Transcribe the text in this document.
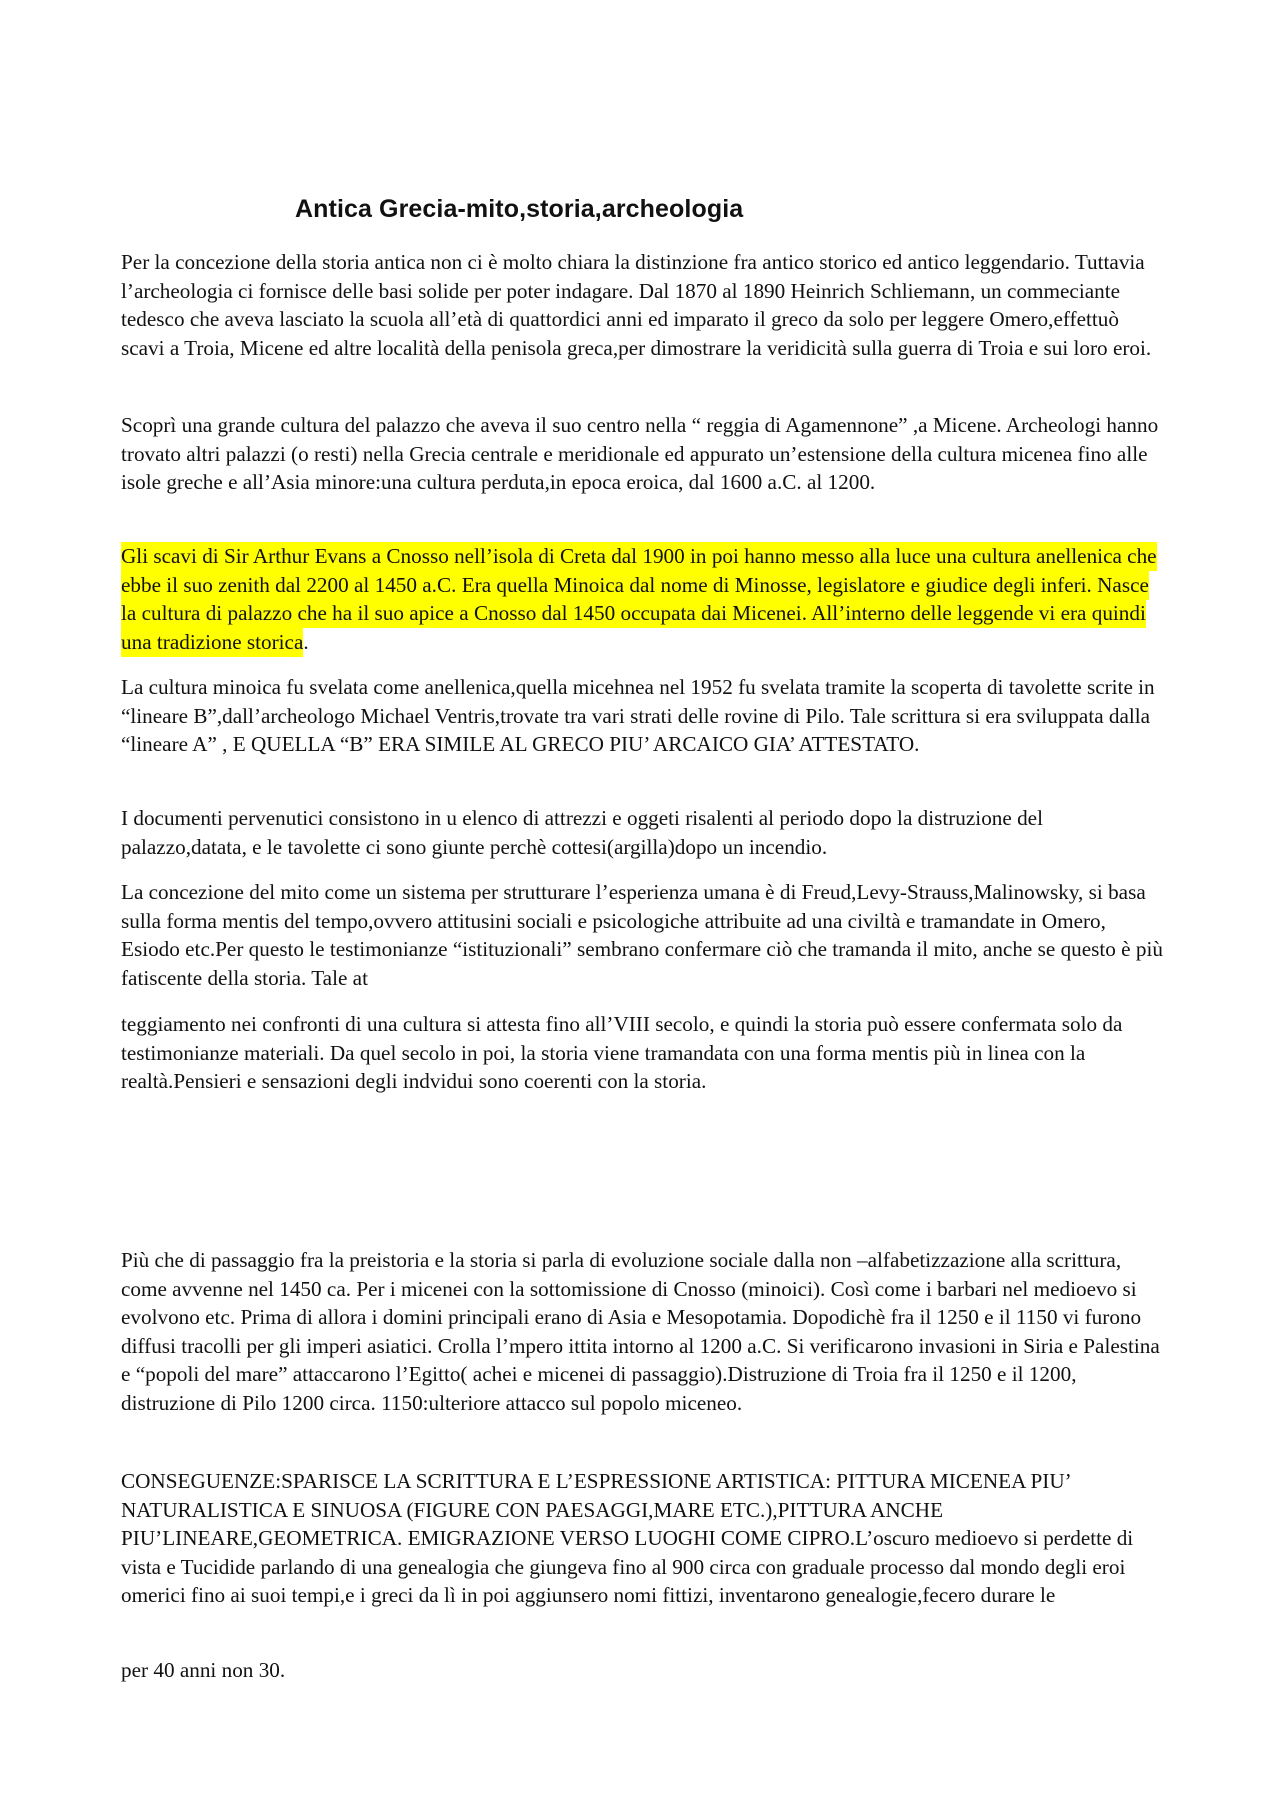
Antica Grecia-mito,storia,archeologia

Per la concezione della storia antica non ci è molto chiara la distinzione fra antico storico ed antico leggendario. Tuttavia l’archeologia ci fornisce delle basi solide per poter indagare. Dal 1870 al 1890 Heinrich Schliemann, un commeciante tedesco che aveva lasciato la scuola all’età di quattordici anni ed imparato il greco da solo per leggere Omero,effettuò scavi a Troia, Micene ed altre località della penisola greca,per dimostrare la veridicità sulla guerra di Troia e sui loro eroi.

Scoprì una grande cultura del palazzo che aveva il suo centro nella “ reggia di Agamennone” ,a Micene. Archeologi hanno trovato altri palazzi (o resti) nella Grecia centrale e meridionale ed appurato un’estensione della cultura micenea fino alle isole greche e all’Asia minore:una cultura perduta,in epoca eroica, dal 1600 a.C. al 1200.

Gli scavi di Sir Arthur Evans a Cnosso nell’isola di Creta dal 1900 in poi hanno messo alla luce una cultura anellenica che ebbe il suo zenith dal 2200 al 1450 a.C. Era quella Minoica dal nome di Minosse, legislatore e giudice degli inferi. Nasce la cultura di palazzo che ha il suo apice a Cnosso dal 1450 occupata dai Micenei. All’interno delle leggende vi era quindi una tradizione storica.

La cultura minoica fu svelata come anellenica,quella micehnea nel 1952 fu svelata tramite la scoperta di tavolette scrite in “lineare B”,dall’archeologo Michael Ventris,trovate tra vari strati delle rovine di Pilo. Tale scrittura si era sviluppata dalla “lineare A” , E QUELLA “B” ERA SIMILE AL GRECO PIU’ ARCAICO GIA’ ATTESTATO.

I documenti pervenutici consistono in u elenco di attrezzi e oggeti risalenti al periodo dopo la distruzione del palazzo,datata, e le tavolette ci sono giunte perchè cottesi(argilla)dopo un incendio.

La concezione del mito come un sistema per strutturare l’esperienza umana è di Freud,Levy-Strauss,Malinowsky, si basa sulla forma mentis del tempo,ovvero attitusini sociali e psicologiche attribuite ad una civiltà e tramandate in Omero, Esiodo etc.Per questo le testimonianze “istituzionali” sembrano confermare ciò che tramanda il mito, anche se questo è più fatiscente della storia. Tale at

teggiamento nei confronti di una cultura si attesta fino all’VIII secolo, e quindi la storia può essere confermata solo da testimonianze materiali. Da quel secolo in poi, la storia viene tramandata con una forma mentis più in linea con la realtà.Pensieri e sensazioni degli indvidui sono coerenti con la storia.

Più che di passaggio fra la preistoria e la storia si parla di evoluzione sociale dalla non –alfabetizzazione alla scrittura, come avvenne nel 1450 ca. Per i micenei con la sottomissione di Cnosso (minoici). Così come i barbari nel medioevo si evolvono etc. Prima di allora i domini principali erano di Asia e Mesopotamia. Dopodichè fra il 1250 e il 1150 vi furono diffusi tracolli per gli imperi asiatici. Crolla l’mpero ittita intorno al 1200 a.C. Si verificarono invasioni in Siria e Palestina e “popoli del mare” attaccarono l’Egitto( achei e micenei di passaggio).Distruzione di Troia fra il 1250 e il 1200, distruzione di Pilo 1200 circa. 1150:ulteriore attacco sul popolo miceneo.

CONSEGUENZE:SPARISCE LA SCRITTURA E L’ESPRESSIONE ARTISTICA: PITTURA MICENEA PIU’ NATURALISTICA E SINUOSA (FIGURE CON PAESAGGI,MARE ETC.),PITTURA ANCHE PIU’LINEARE,GEOMETRICA. EMIGRAZIONE VERSO LUOGHI COME CIPRO.L’oscuro medioevo si perdette di vista e Tucidide parlando di una genealogia che giungeva fino al 900 circa con graduale processo dal mondo degli eroi omerici fino ai suoi tempi,e i greci da lì in poi aggiunsero nomi fittizi, inventarono genealogie,fecero durare le

per 40 anni non 30.
